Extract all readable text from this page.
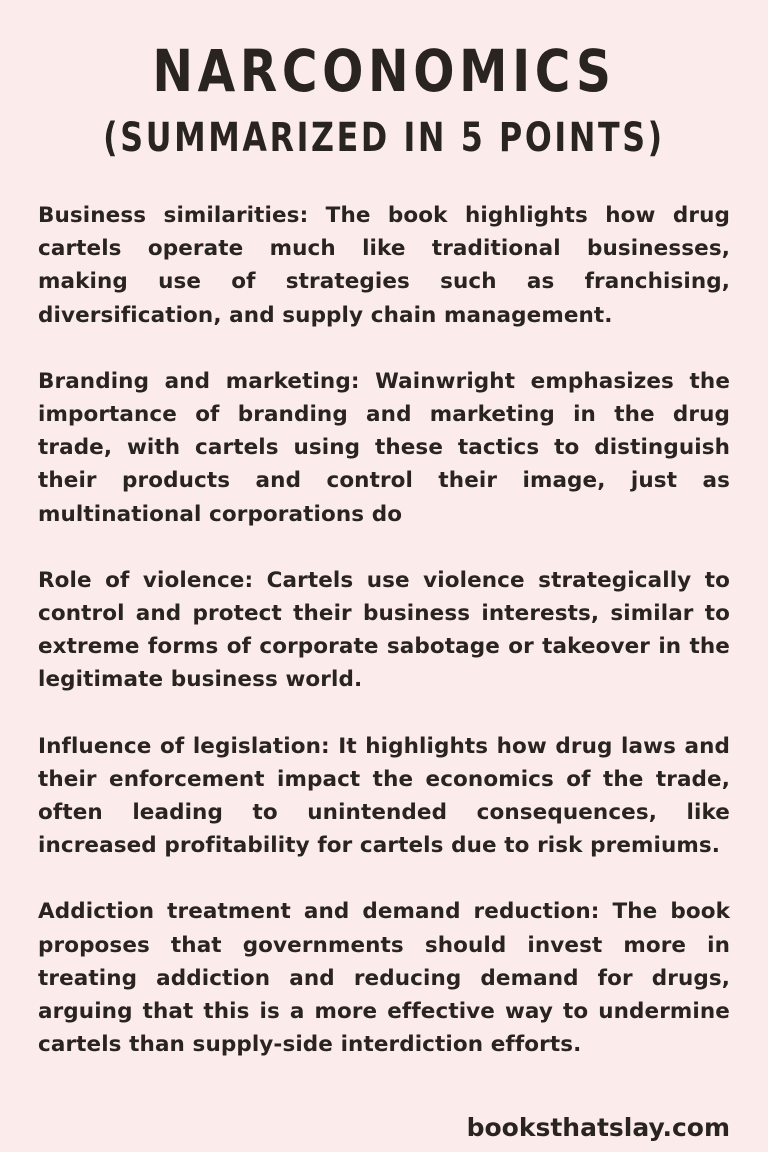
NARCONOMICS
(SUMMARIZED IN 5 POINTS)
Business similarities: The book highlights how drug cartels operate much like traditional businesses, making use of strategies such as franchising, diversification, and supply chain management.
Branding and marketing: Wainwright emphasizes the importance of branding and marketing in the drug trade, with cartels using these tactics to distinguish their products and control their image, just as multinational corporations do
Role of violence: Cartels use violence strategically to control and protect their business interests, similar to extreme forms of corporate sabotage or takeover in the legitimate business world.
Influence of legislation: It highlights how drug laws and their enforcement impact the economics of the trade, often leading to unintended consequences, like increased profitability for cartels due to risk premiums.
Addiction treatment and demand reduction: The book proposes that governments should invest more in treating addiction and reducing demand for drugs, arguing that this is a more effective way to undermine cartels than supply-side interdiction efforts.
booksthatslay.com
